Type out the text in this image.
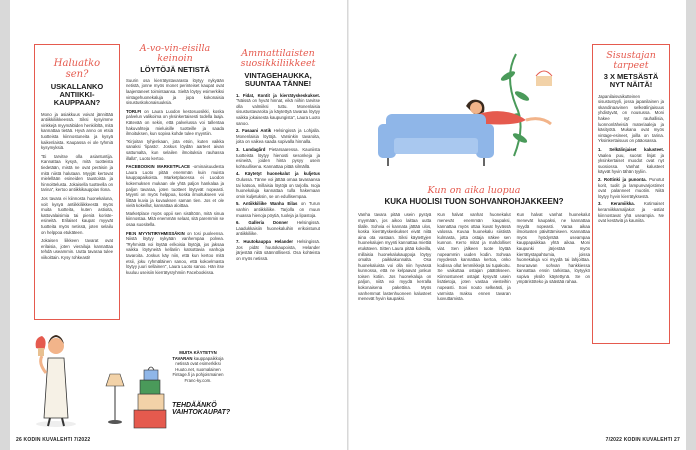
Haluatko sen?
USKALLANKO ANTIIKKI-KAUPPAAN?

Mono ja asiakkuus voivat jännittää antiikkiliikkeessä. Siksi kysyimme vinkkejä myymälöiden henkilöltä, mitä kannattaa tietää. Hyvä anno on etsiä tuotteista kiinnostuneita ja kysyä kaikenlaista. Kaupassa ei ole tyhmiä kysymyksiä.

"Ei tarvitse olla asiantuntija. Kannattaa kysyä, mitä tuotteista tiedetään, mistä ne ovat peräisin ja mitä niistä halutaan. Myyjät kertovat mielellään esineiden taustoista ja hinnoittelusta. Jokaisella tuotteella on tarina", kertoo antiikkikauppias Ilona.

Jos tavara ei kiinnosta huonekaluna, voit kysyä antiikkiliikkeestä myös muita tuotteita, kuten astioita, kattovalaisimia tai pieniä koriste-esineitä. Erilaiset kaupat myyvät tuotteita myös netissä, joten selailu on helppoa etukäteen.

Jokaisen liikkeen tavarat ovat erilaisia, joten vierailuja kannattaa tehdä useammin. Uutta tavaraa tulee viikoittain. Kysy rohkeasti!

A-vo-vin-eisilla keinoin
LÖYTÖJÄ NETISTÄ

Suurin osa kierrätystavarasta löytyy nykyään netistä, jonne myös monet perinteiset kaupat ovat laajentaneet toimintaansa. Sieltä löytyy esimerkiksi vintagehuonekaluja ja jopa kokonaisia sisustuskokonaisuuksia.

TORI.FI on Laura Luodon kestosuosikki, koska palvelun valikoima on yksinkertaisesti todella laaja. Kätevää on sekin, että palvelussa voi tallentaa hakuvahteja mieluisille tuotteille ja saada ilmoituksen, kun sopiva kohde tulee myyntiin.

"Kirjoitan tyhjenkaan, jota etsin, kuten vaikka sanaksi 'lipasto'. Joskus löydän aarteet aivan sattumalta, kun selailen ilmoituksia rauhassa illalla", Luoto kertoo.

FACEBOOKIN MARKETPLACE -ominaisuudesta Laura Luoto pitää enemmän kuin muista kauppapaikoista. Marketplacessa ei Luodon kokemuksen mukaan ole yhtä paljon hankalaa ja paljon tavaraa, joten tuotteet löytyvät nopeasti. Myynti on myös helppoa, koska ilmoitukseen voi liittää kuvia ja kuvauksen saman tien. Jos et ole vielä kokeillut, kannattaa aloittaa.

Marketplace myös oppii sen sisältöön, mitä sinua kiinnostaa. Mitä enemmän selaat, sitä paremmin se osaa suositella.

FB:N MYYNTIRYHMISSÄKIN on tosi puoleensa. Niistä löytyy nykyään vanhempaa polvea. "Ryhmistä voi löytää erikoisia löytöjä, jos jaksaa vaikka löytyneitä kellariin katsottavia vanhoja tavaroita. Joskus käy niin, että kun kertoo mitä etsii, joku ryhmäläinen sanoo, että kokoelmasta löytyy juuri sellainen", Laura Luoto sanoo. Hän itse kuuluu useisiin kierrätysryhmiin Facebookissa.

MUITA KÄYTETYN TAVARAN kauppapaikkoja netissä ovat esimerkiksi Huuto.net, suomalainen Fintage.fi ja pohjoismainen Franc-ky.com.

TEHDÄÄNKÖ VAIHTOKAUPAT?
Ammattilaisten suosikkiliikkeet
VINTAGEHAUKKA, SUUNTAA TÄNNE!

1. Fidat, Kontit ja kierrätyskeskukset. "Näissä on hyvät hinnat, eikä niihin tarvitse olla valmiiksi tuttu. Monenlaisia sisustustavaroita ja käytettyä tavaraa löytyy vaikka jokaisesta kaupungista", Laura Luoto sanoo.

2. Fasaani Antik Helsingissä ja Lohjalla. Monenlaisia löytöjä. Varsinkin tavaroita, joita on vaikea saada sopivalla hinnalla.

3. Lundagård Pietarsaaressa. Kauniista tuotteista löytyy hienosti sesonkeja ja esineitä, joiden hinta pysyy usein kohtuullisena. Kannattaa pitää silmällä.

4. Käytetyt huonekalut ja kuljetus Oulussa. Tänne voi jättää omaa tavaraansa tai katsoa, millaisia löytöjä on tarjolla. Isoja huonekaluja kannattaa tulla hakemaan omin kuljetuksin, se on edullisempaa.

5. Antiikkiliike Wanha Eilas on Turun vanhin antiikkiliike. Tarjolla on muun muassa hienoja pöytiä, tuoleja ja lipastoja.

6. Galleria Donner Helsingissä. Laadukkaisiin huonekaluihin erikoistunut antiikkiliike.

7. Huutokauppa Helander Helsingissä. Jos pidät huutokaupoista, Helander järjestää niitä säännöllisesti. Osa kohteista on myös netissä.

26 KODIN KUVALEHTI 7/2022
Kun on aika luopua
KUKA HUOLISI TUON SOHVANROHJAKKEEN?

Vanha tavara pitää usein pystyä myymään, jos aikoo laittaa uutta tilalle. Sohvia ei kannata jättää ulos, koska kierrätyskeskukset eivät niitä aina ota vastaan. Siksi käytettyjen huonekalujen myynti kannattaa miettiä etukäteen. Sitten Laura pitää kokeilla, millaisia huonekalukauppoja löytyy omalta paikkakunnalta. Osa huonekaluista voi olla niin hyvässä kunnossa, että ne kelpaavat jonkun toisen kotiin. Jos huonekaluja on paljon, niitä voi myydä kerralla kokonaisena pakettina. Myös vanhemmat lastenhuoneen kalusteet menevät hyvin kaupaksi.

Kun halvat vanhat huonekalut menevät enemmän kaupaksi, kannattaa myös ottaa kuvat hyvässä valossa. Kuvaa huonekalu siististä kulmasta, jotta ostaja näkee sen kunnon. Kerro mitat ja mahdolliset viat. Sen jälkeen tuote löytää nopeammin uuden kodin. Sohvaa myydessä kannattaa kertoa, onko kodissa ollut lemmikkejä tai tupakoitu. Se vaikuttaa ostajan päätökseen. Kiinnostuneet ostajat kysyvät usein lisätietoja, joten vastaa viesteihin nopeasti. Sovi nouto selkeästi, ja varmista maksu ennen tavaran luovuttamista.

Kun halvat vanhat huonekalut menevät kaupaksi, ne kannattaa myydä nopeasti. Varaa aikaa ilmoitusten päivittämiseen. Kannattaa myös hyödyntää useampaa kauppapaikkaa yhtä aikaa. Moni kaupunki järjestää myös kierrätystapahtumia, joissa huonekaluja voi myydä tai lahjoittaa. Seuraavan sohvan hankkiessa kannattaa ensin tarkistaa, löytyykö sopiva yksilö käytettynä. Se on ympäristöteko ja säästää rahaa.

Sisustajan tarpeet
3 X METSÄSTÄ NYT NÄITÄ!

Japanilaisvaikutteinen sisustustyyli, jossa japanilainen ja skandinaavinen selkeälinjaisuus yhdistyvät, on nousussa. Moni hakee nyt rauhallisia, luonnonläheisiä materiaaleja ja käsityötä. Mukana ovat myös vintage-esineet, joilla on tarina. Yksinkertaisuus on pääosassa.

1. Selkälinjaiset kalusteet. Vaalea puu, suorat linjat ja yksinkertaiset muodot ovat nyt suosiossa. Vanhat kalusteet käyvät hyvin tähän tyyliin.

2. Rottinki ja punonta. Punotut korit, tuolit ja lampunvarjostimet ovat palanneet muotiin. Niitä löytyy hyvin kierrätyksestä.

3. Keramiikka. Kotimaiset keramiikkamaljakot ja -astiat kiinnostavat yhä useampia. Ne ovat kestäviä ja kauniita.

7/2022 KODIN KUVALEHTI 27
